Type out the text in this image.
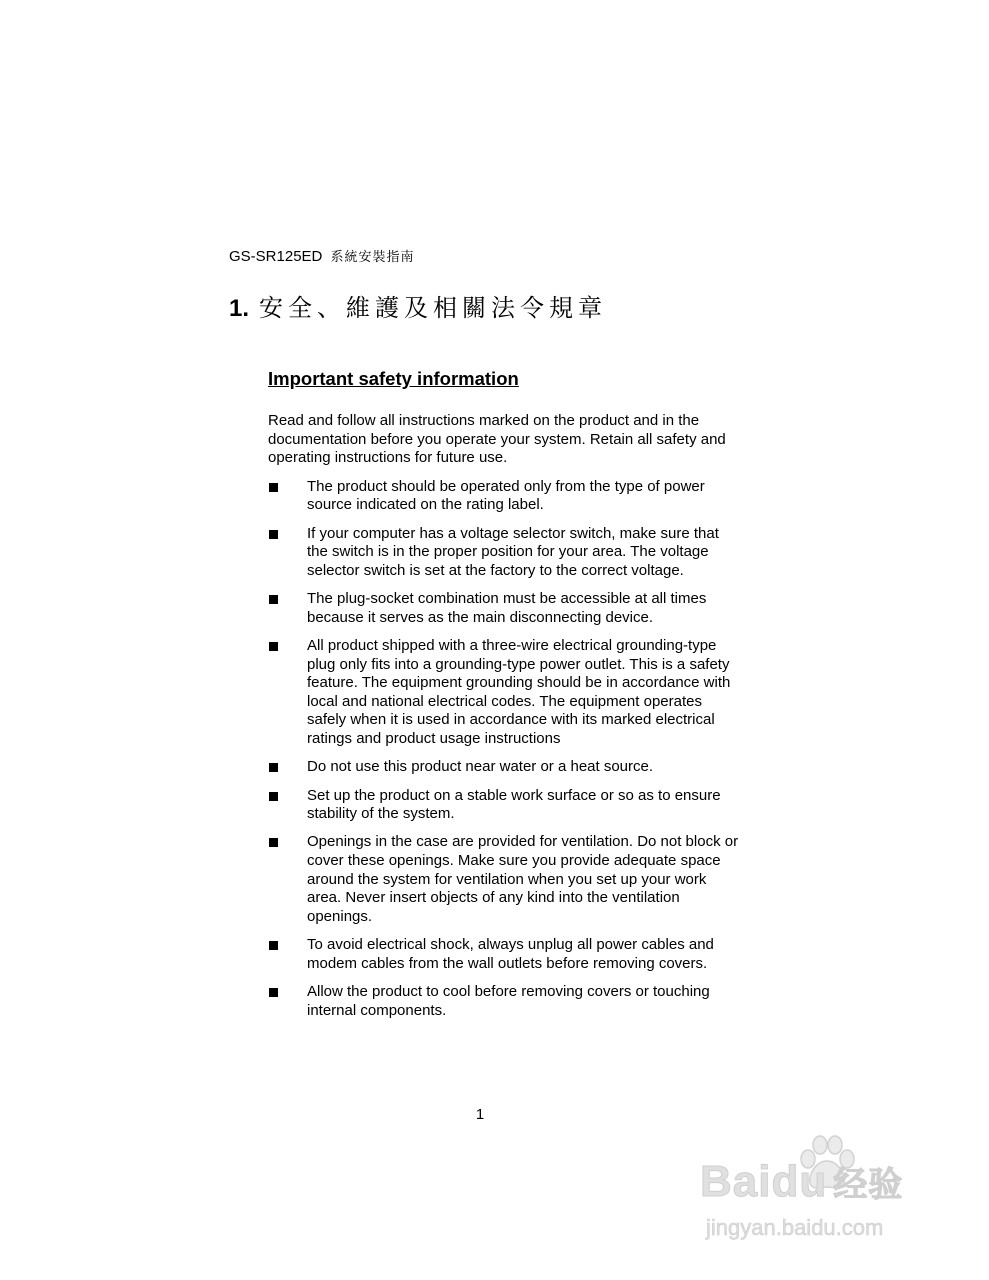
GS-SR125ED 系統安裝指南
1. 安全、維護及相關法令規章
Important safety information

Read and follow all instructions marked on the product and in the documentation before you operate your system. Retain all safety and operating instructions for future use.

The product should be operated only from the type of power source indicated on the rating label.
If your computer has a voltage selector switch, make sure that the switch is in the proper position for your area. The voltage selector switch is set at the factory to the correct voltage.
The plug-socket combination must be accessible at all times because it serves as the main disconnecting device.
All product shipped with a three-wire electrical grounding-type plug only fits into a grounding-type power outlet. This is a safety feature. The equipment grounding should be in accordance with local and national electrical codes. The equipment operates safely when it is used in accordance with its marked electrical ratings and product usage instructions
Do not use this product near water or a heat source.
Set up the product on a stable work surface or so as to ensure stability of the system.
Openings in the case are provided for ventilation. Do not block or cover these openings. Make sure you provide adequate space around the system for ventilation when you set up your work area. Never insert objects of any kind into the ventilation openings.
To avoid electrical shock, always unplug all power cables and modem cables from the wall outlets before removing covers.
Allow the product to cool before removing covers or touching internal components.
1
Baidu 经验
jingyan.baidu.com
